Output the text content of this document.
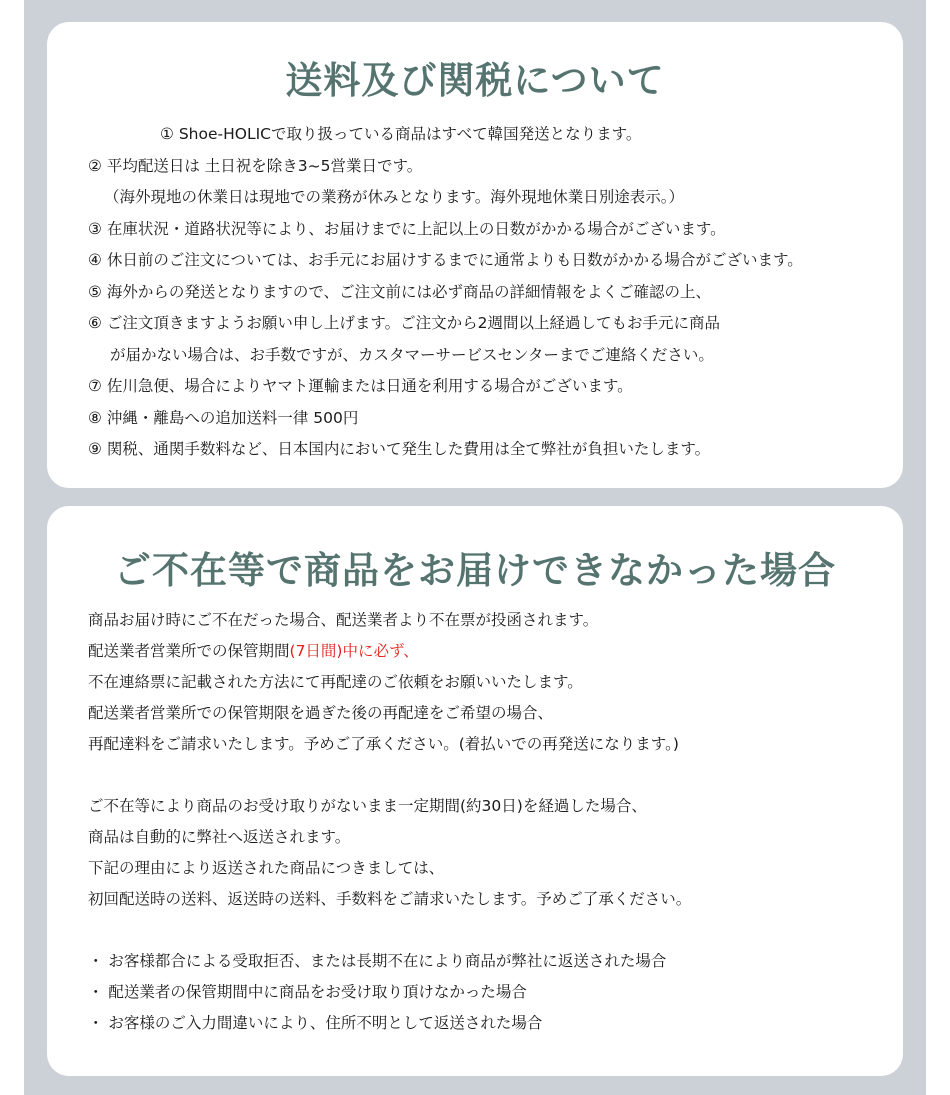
送料及び関税について
① Shoe-HOLICで取り扱っている商品はすべて韓国発送となります。
② 平均配送日は 土日祝を除き3~5営業日です。
（海外現地の休業日は現地での業務が休みとなります。海外現地休業日別途表示。）
③ 在庫状況・道路状況等により、お届けまでに上記以上の日数がかかる場合がございます。
④ 休日前のご注文については、お手元にお届けするまでに通常よりも日数がかかる場合がございます。
⑤ 海外からの発送となりますので、ご注文前には必ず商品の詳細情報をよくご確認の上、
⑥ ご注文頂きますようお願い申し上げます。ご注文から2週間以上経過してもお手元に商品
が届かない場合は、お手数ですが、カスタマーサービスセンターまでご連絡ください。
⑦ 佐川急便、場合によりヤマト運輸または日通を利用する場合がございます。
⑧ 沖縄・離島への追加送料一律 500円
⑨ 関税、通関手数料など、日本国内において発生した費用は全て弊社が負担いたします。
ご不在等で商品をお届けできなかった場合
商品お届け時にご不在だった場合、配送業者より不在票が投函されます。
配送業者営業所での保管期間(7日間)中に必ず、
不在連絡票に記載された方法にて再配達のご依頼をお願いいたします。
配送業者営業所での保管期限を過ぎた後の再配達をご希望の場合、
再配達料をご請求いたします。予めご了承ください。(着払いでの再発送になります。)
ご不在等により商品のお受け取りがないまま一定期間(約30日)を経過した場合、
商品は自動的に弊社へ返送されます。
下記の理由により返送された商品につきましては、
初回配送時の送料、返送時の送料、手数料をご請求いたします。予めご了承ください。
・ お客様都合による受取拒否、または長期不在により商品が弊社に返送された場合
・ 配送業者の保管期間中に商品をお受け取り頂けなかった場合
・ お客様のご入力間違いにより、住所不明として返送された場合
